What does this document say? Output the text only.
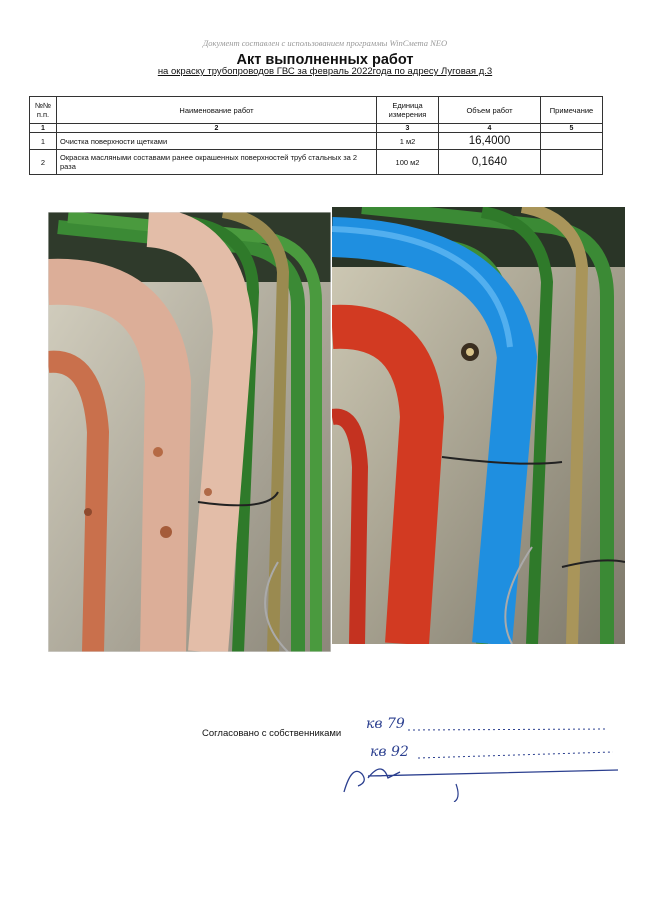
Документ составлен с использованием программы WinСмета NEO
Акт выполненных работ
на окраску трубопроводов ГВС за февраль 2022года по адресу Луговая д.3
№№ п.п.	Наименование работ	Единица измерения	Объем работ	Примечание
1	2	3	4	5
1	Очистка поверхности щетками	1 м2	16,4000	
2	Окраска масляными составами ранее окрашенных поверхностей труб стальных за 2 раза	100 м2	0,1640	
Согласовано с собственниками
кв 79
кв 92
